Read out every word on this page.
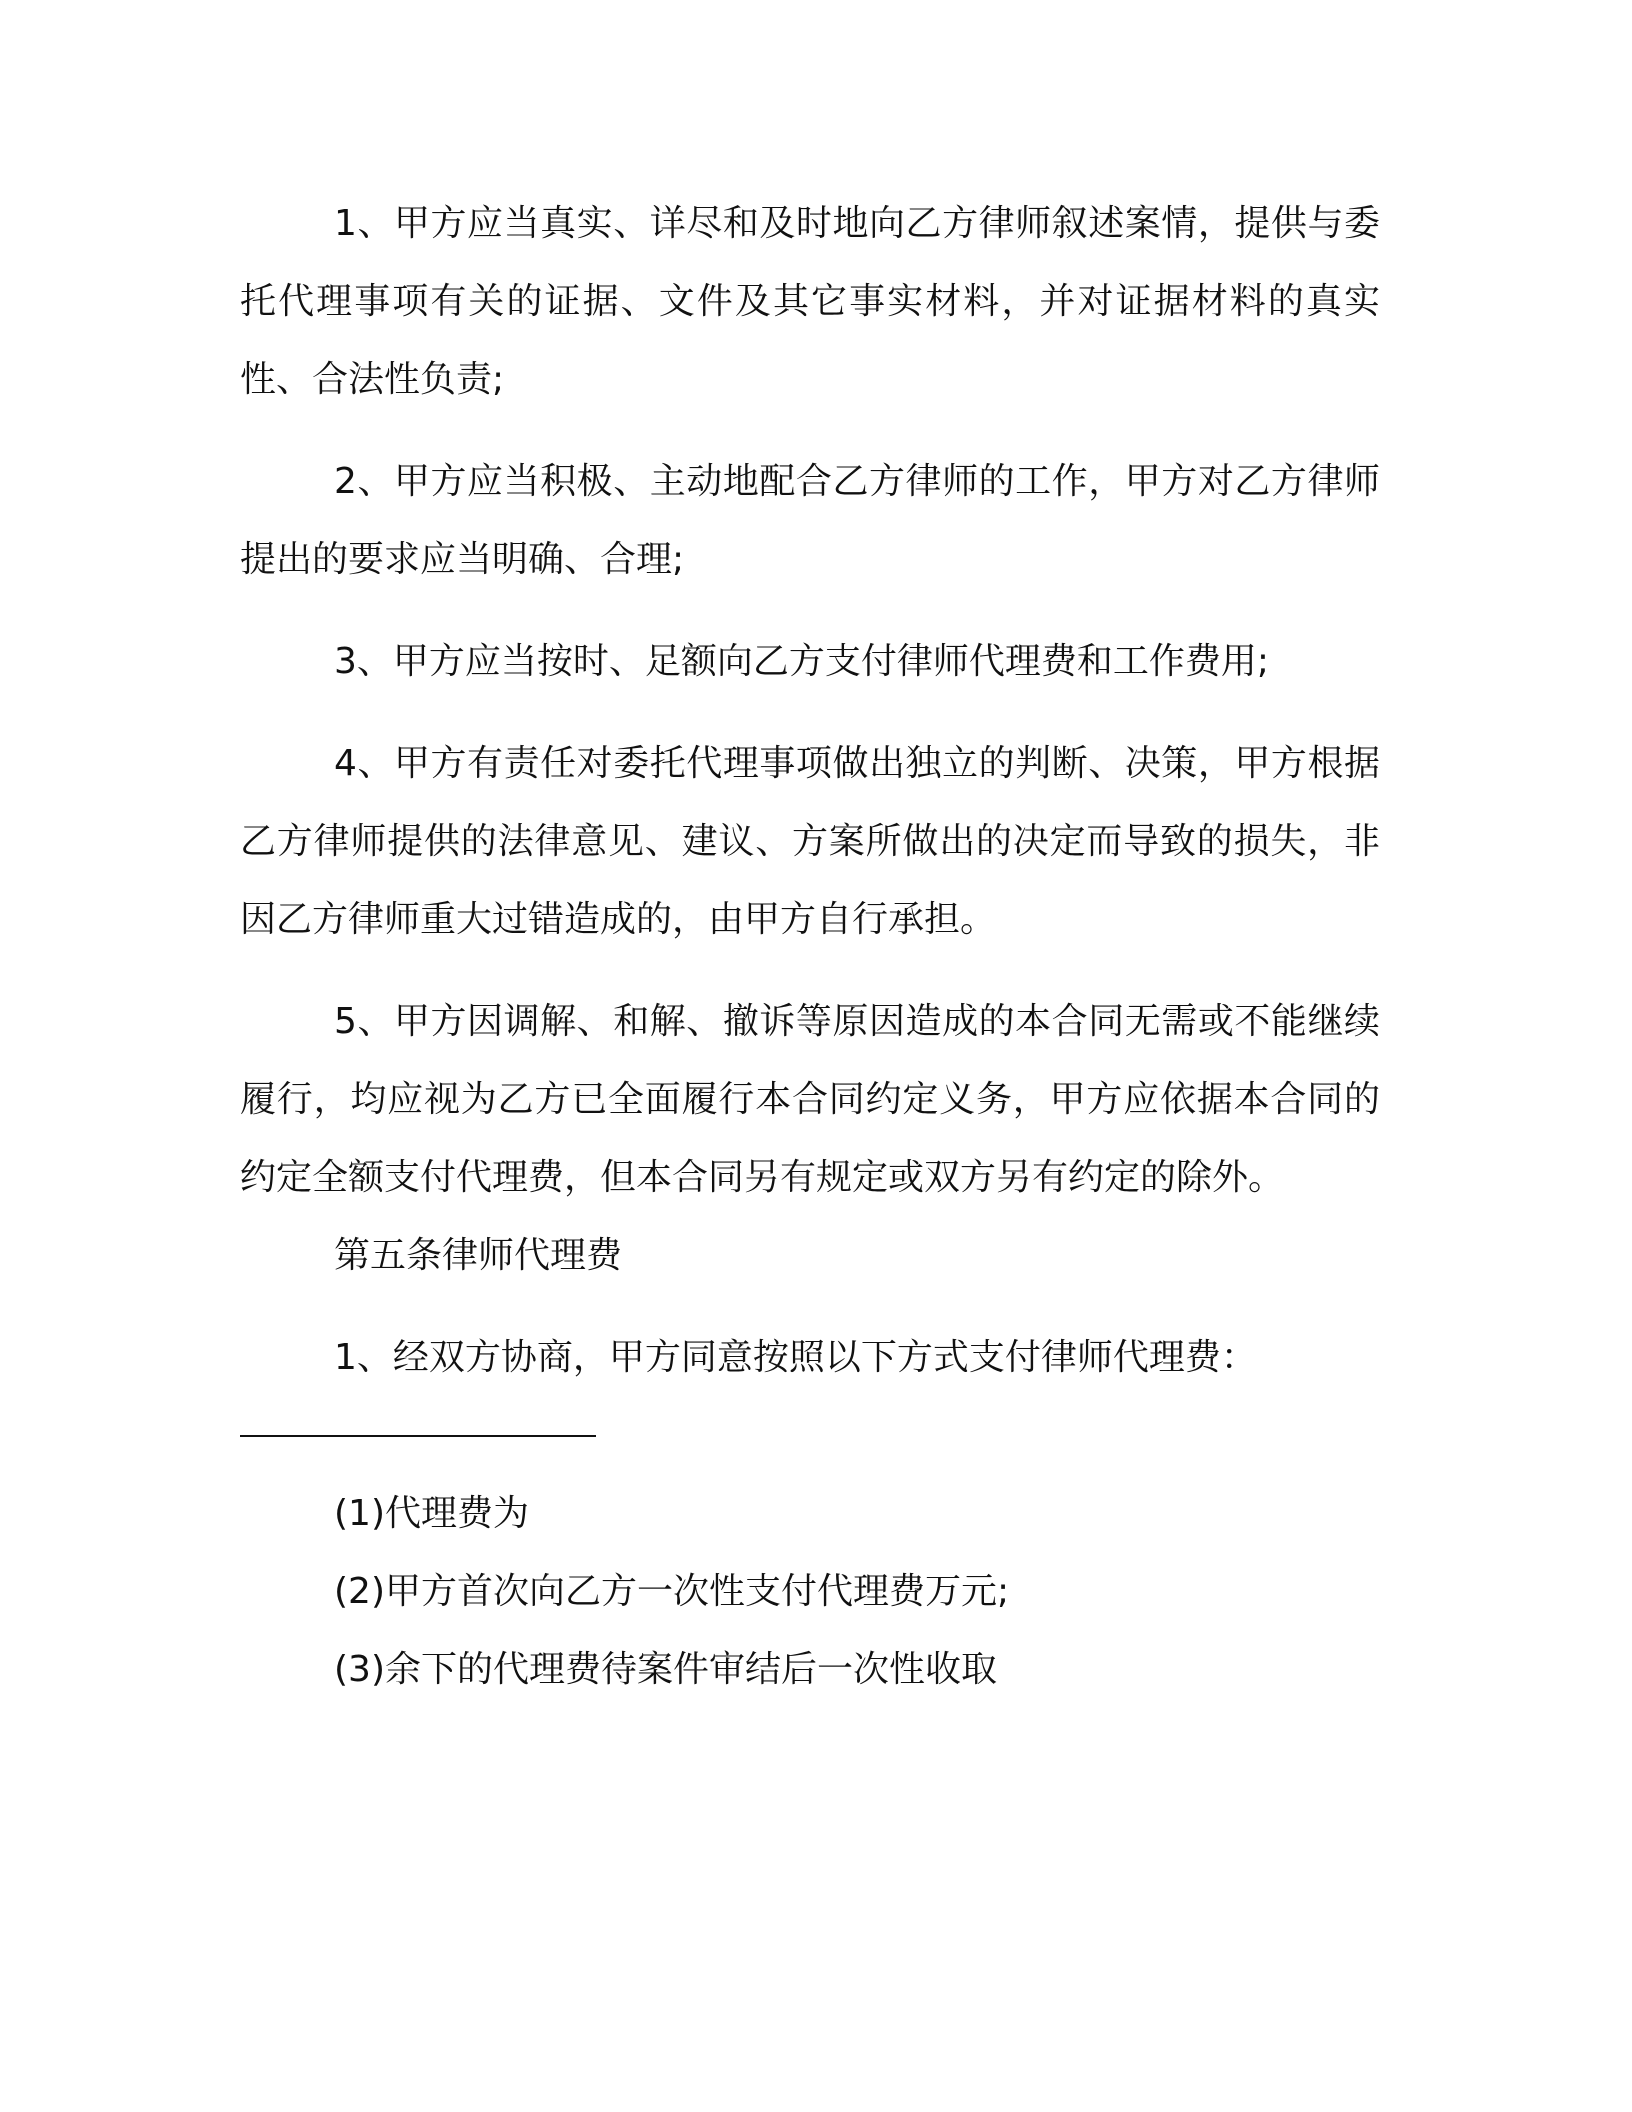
1、甲方应当真实、详尽和及时地向乙方律师叙述案情，提供与委托代理事项有关的证据、文件及其它事实材料，并对证据材料的真实性、合法性负责;

2、甲方应当积极、主动地配合乙方律师的工作，甲方对乙方律师提出的要求应当明确、合理;

3、甲方应当按时、足额向乙方支付律师代理费和工作费用;

4、甲方有责任对委托代理事项做出独立的判断、决策，甲方根据乙方律师提供的法律意见、建议、方案所做出的决定而导致的损失，非因乙方律师重大过错造成的，由甲方自行承担。

5、甲方因调解、和解、撤诉等原因造成的本合同无需或不能继续履行，均应视为乙方已全面履行本合同约定义务，甲方应依据本合同的约定全额支付代理费，但本合同另有规定或双方另有约定的除外。

第五条律师代理费

1、经双方协商，甲方同意按照以下方式支付律师代理费：

(1)代理费为

(2)甲方首次向乙方一次性支付代理费万元;

(3)余下的代理费待案件审结后一次性收取
